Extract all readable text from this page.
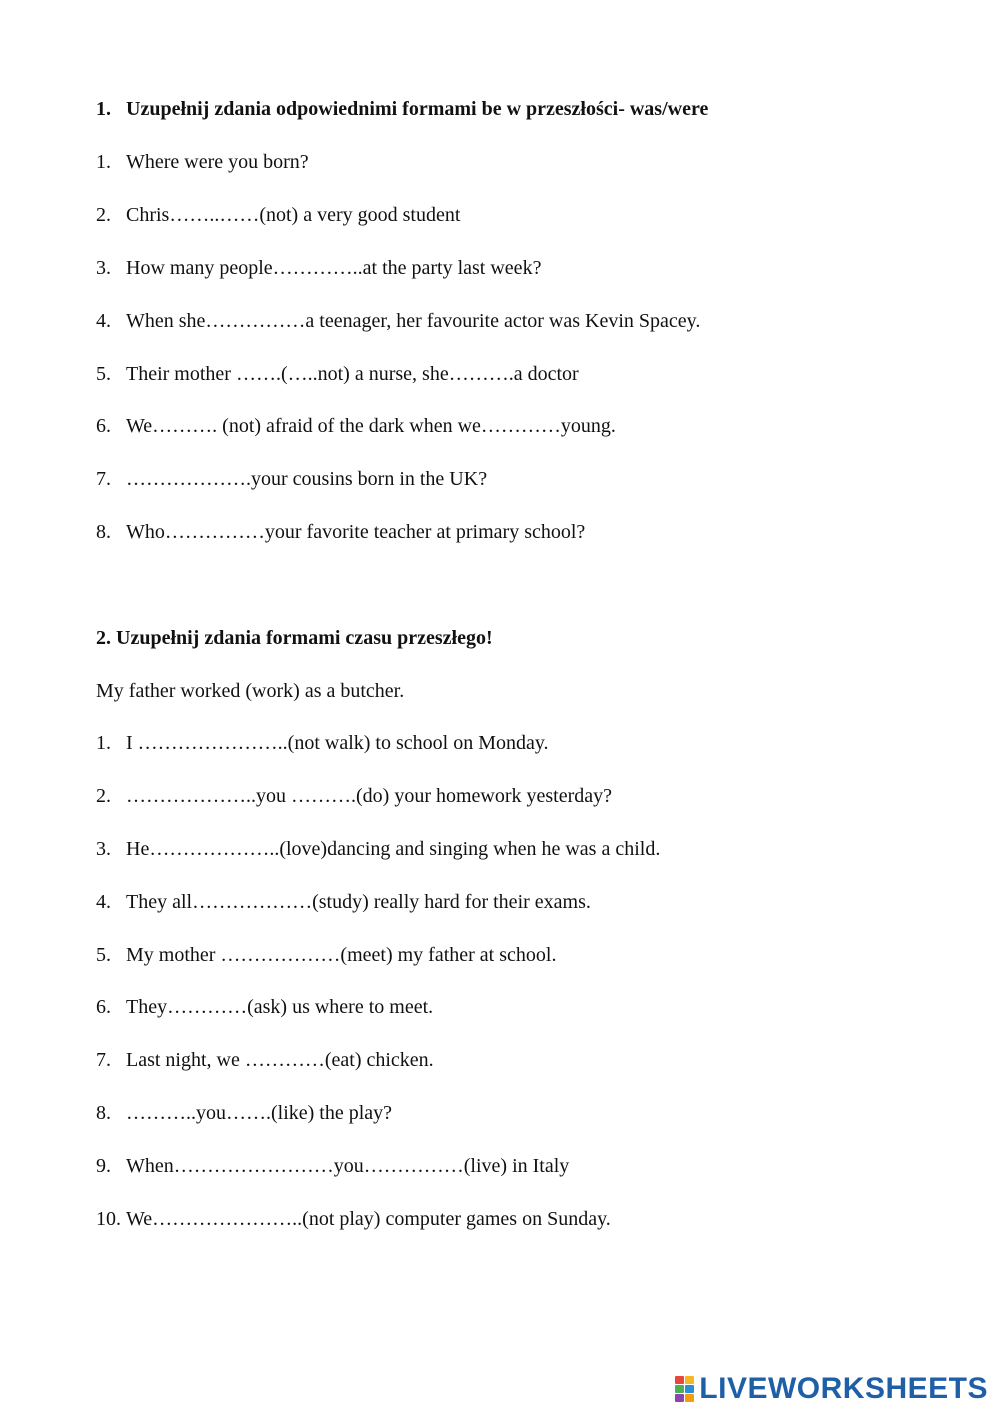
1. Uzupełnij zdania odpowiednimi formami be w przeszłości- was/were
1. Where were you born?
2. Chris……..……(not) a very good student
3. How many people…………..at the party last week?
4. When she……………a teenager, her favourite actor was Kevin Spacey.
5. Their mother …….(…..not) a nurse, she……….a doctor
6. We………. (not) afraid of the dark when we…………young.
7. ……………….your cousins born in the UK?
8. Who……………your favorite teacher at primary school?
2. Uzupełnij zdania formami czasu przeszłego!
My father worked (work) as a butcher.
1. I …………………..(not walk) to school on Monday.
2. ………………..you ……….(do) your homework yesterday?
3. He………………..(love)dancing and singing when he was a child.
4. They all………………(study) really hard for their exams.
5. My mother ………………(meet) my father at school.
6. They…………(ask) us where to meet.
7. Last night, we …………(eat) chicken.
8. ………..you…….(like) the play?
9. When……………………you……………(live) in Italy
10. We…………………..(not play) computer games on Sunday.
LIVEWORKSHEETS
